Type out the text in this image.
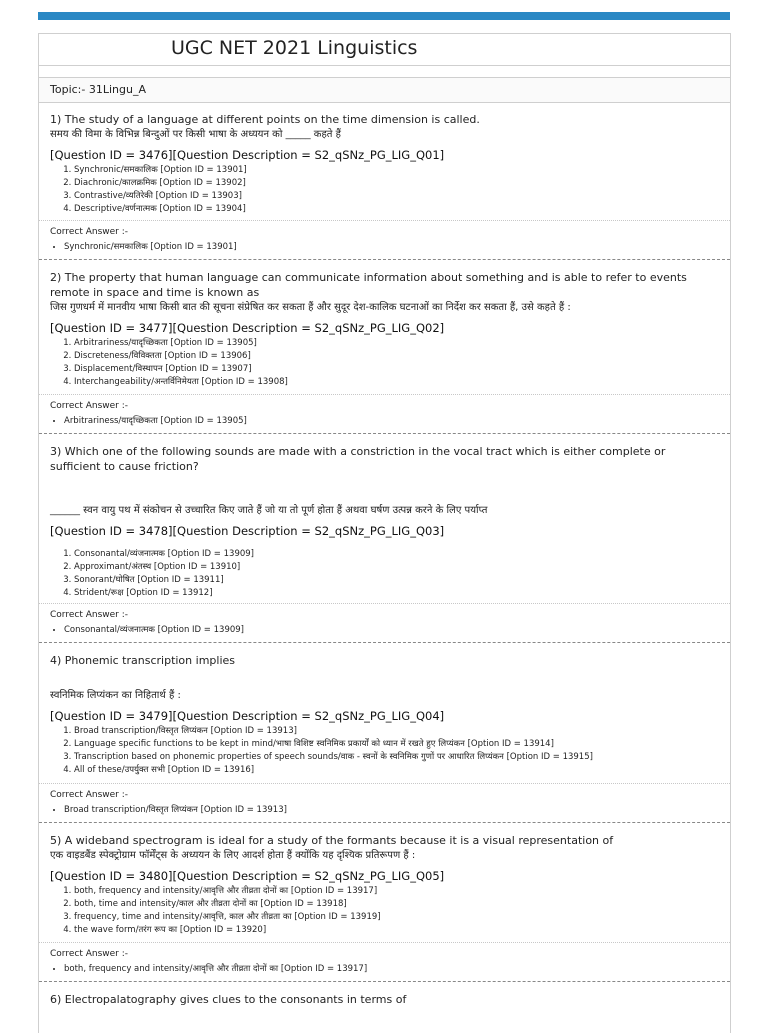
UGC NET 2021 Linguistics
Topic:- 31Lingu_A
1) The study of a language at different points on the time dimension is called.
समय की विमा के विभिन्न बिन्दुओं पर किसी भाषा के अध्ययन को _____ कहते हैं
[Question ID = 3476][Question Description = S2_qSNz_PG_LIG_Q01]
1. Synchronic/समकालिक [Option ID = 13901]
2. Diachronic/कालक्रमिक [Option ID = 13902]
3. Contrastive/व्यतिरेकी [Option ID = 13903]
4. Descriptive/वर्णनात्मक [Option ID = 13904]
Correct Answer :-
• Synchronic/समकालिक [Option ID = 13901]
2) The property that human language can communicate information about something and is able to refer to events remote in space and time is known as
जिस गुणधर्म में मानवीय भाषा किसी बात की सूचना संप्रेषित कर सकता हैं और सुदूर देश-कालिक घटनाओं का निर्देश कर सकता हैं, उसे कहते हैं :
[Question ID = 3477][Question Description = S2_qSNz_PG_LIG_Q02]
1. Arbitrariness/यादृच्छिकता [Option ID = 13905]
2. Discreteness/विविक्तता [Option ID = 13906]
3. Displacement/विस्थापन [Option ID = 13907]
4. Interchangeability/अन्तर्विनिमेयता [Option ID = 13908]
Correct Answer :-
• Arbitrariness/यादृच्छिकता [Option ID = 13905]
3) Which one of the following sounds are made with a constriction in the vocal tract which is either complete or sufficient to cause friction?
______ स्वन वायु पथ में संकोचन से उच्चारित किए जाते हैं जो या तो पूर्ण होता हैं अथवा घर्षण उत्पन्न करने के लिए पर्याप्त
[Question ID = 3478][Question Description = S2_qSNz_PG_LIG_Q03]
1. Consonantal/व्यंजनात्मक [Option ID = 13909]
2. Approximant/अंतस्थ [Option ID = 13910]
3. Sonorant/घोषित [Option ID = 13911]
4. Strident/रूक्ष [Option ID = 13912]
Correct Answer :-
• Consonantal/व्यंजनात्मक [Option ID = 13909]
4) Phonemic transcription implies
स्वनिमिक लिप्यंकन का निहितार्थ हैं :
[Question ID = 3479][Question Description = S2_qSNz_PG_LIG_Q04]
1. Broad transcription/विस्तृत लिप्यंकन [Option ID = 13913]
2. Language specific functions to be kept in mind/भाषा विशिष्ट स्वनिमिक प्रकार्यों को ध्यान में रखते हुए लिप्यंकन [Option ID = 13914]
3. Transcription based on phonemic properties of speech sounds/वाक - स्वनों के स्वनिमिक गुणों पर आधारित लिप्यंकन [Option ID = 13915]
4. All of these/उपर्युक्त सभी [Option ID = 13916]
Correct Answer :-
• Broad transcription/विस्तृत लिप्यंकन [Option ID = 13913]
5) A wideband spectrogram is ideal for a study of the formants because it is a visual representation of
एक वाइडबैंड स्पेक्ट्रोग्राम फॉर्मेंट्स के अध्ययन के लिए आदर्श होता हैं क्योंकि यह दृश्यिक प्रतिरूपण हैं :
[Question ID = 3480][Question Description = S2_qSNz_PG_LIG_Q05]
1. both, frequency and intensity/आवृत्ति और तीव्रता दोनों का [Option ID = 13917]
2. both, time and intensity/काल और तीव्रता दोनों का [Option ID = 13918]
3. frequency, time and intensity/आवृत्ति, काल और तीव्रता का [Option ID = 13919]
4. the wave form/तरंग रूप का [Option ID = 13920]
Correct Answer :-
• both, frequency and intensity/आवृत्ति और तीव्रता दोनों का [Option ID = 13917]
6) Electropalatography gives clues to the consonants in terms of
